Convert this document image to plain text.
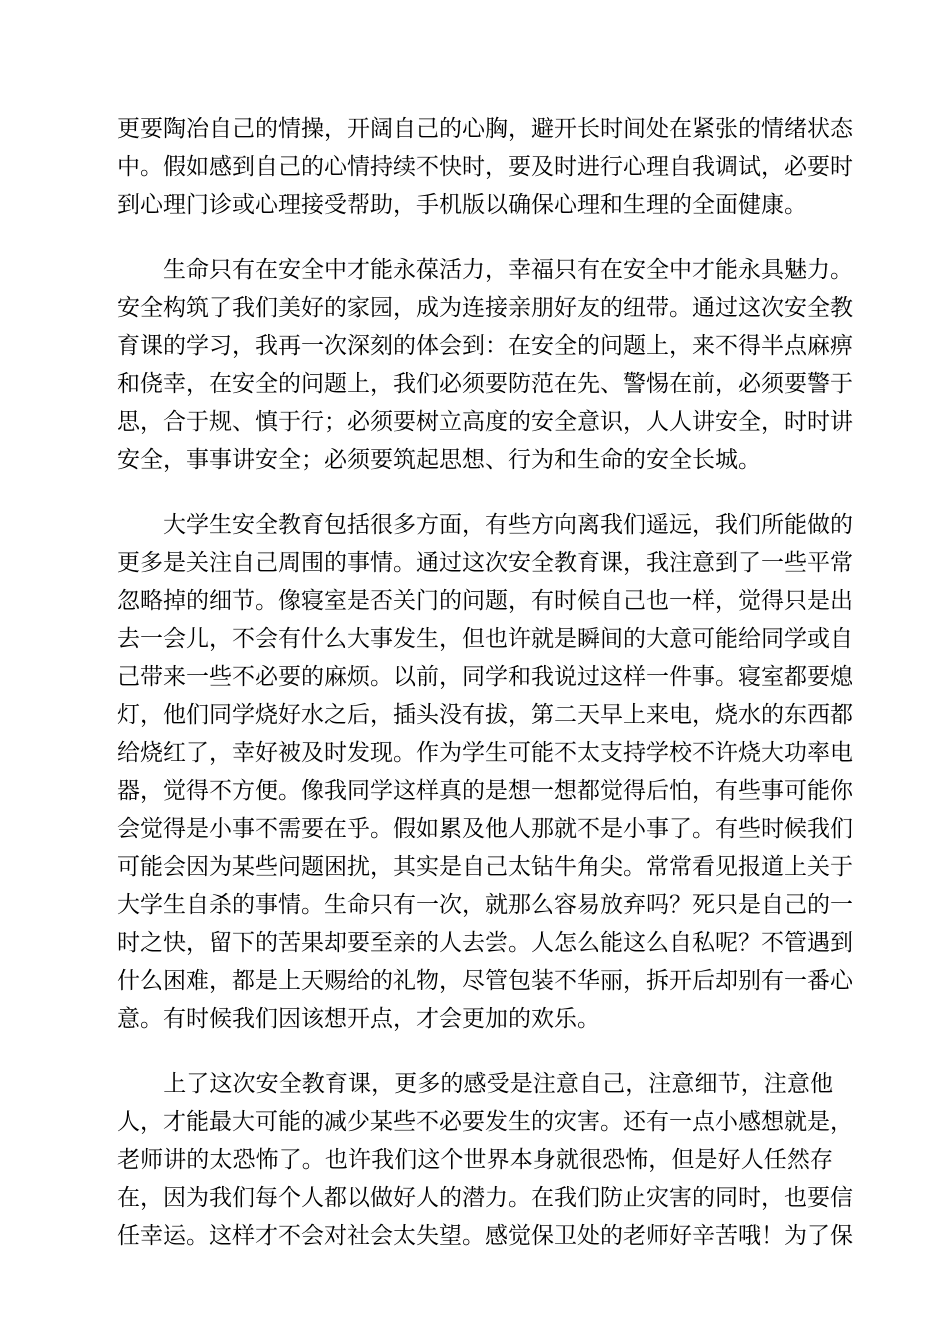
更要陶冶自己的情操，开阔自己的心胸，避开长时间处在紧张的情绪状态
中。假如感到自己的心情持续不快时，要及时进行心理自我调试，必要时
到心理门诊或心理接受帮助，手机版以确保心理和生理的全面健康。

　　生命只有在安全中才能永葆活力，幸福只有在安全中才能永具魅力。
安全构筑了我们美好的家园，成为连接亲朋好友的纽带。通过这次安全教
育课的学习，我再一次深刻的体会到：在安全的问题上，来不得半点麻痹
和侥幸，在安全的问题上，我们必须要防范在先、警惕在前，必须要警于
思，合于规、慎于行；必须要树立高度的安全意识，人人讲安全，时时讲
安全，事事讲安全；必须要筑起思想、行为和生命的安全长城。

　　大学生安全教育包括很多方面，有些方向离我们遥远，我们所能做的
更多是关注自己周围的事情。通过这次安全教育课，我注意到了一些平常
忽略掉的细节。像寝室是否关门的问题，有时候自己也一样，觉得只是出
去一会儿，不会有什么大事发生，但也许就是瞬间的大意可能给同学或自
己带来一些不必要的麻烦。以前，同学和我说过这样一件事。寝室都要熄
灯，他们同学烧好水之后，插头没有拔，第二天早上来电，烧水的东西都
给烧红了，幸好被及时发现。作为学生可能不太支持学校不许烧大功率电
器，觉得不方便。像我同学这样真的是想一想都觉得后怕，有些事可能你
会觉得是小事不需要在乎。假如累及他人那就不是小事了。有些时候我们
可能会因为某些问题困扰，其实是自己太钻牛角尖。常常看见报道上关于
大学生自杀的事情。生命只有一次，就那么容易放弃吗？死只是自己的一
时之快，留下的苦果却要至亲的人去尝。人怎么能这么自私呢？不管遇到
什么困难，都是上天赐给的礼物，尽管包装不华丽，拆开后却别有一番心
意。有时候我们因该想开点，才会更加的欢乐。

　　上了这次安全教育课，更多的感受是注意自己，注意细节，注意他
人，才能最大可能的减少某些不必要发生的灾害。还有一点小感想就是，
老师讲的太恐怖了。也许我们这个世界本身就很恐怖，但是好人任然存
在，因为我们每个人都以做好人的潜力。在我们防止灾害的同时，也要信
任幸运。这样才不会对社会太失望。感觉保卫处的老师好辛苦哦！为了保
